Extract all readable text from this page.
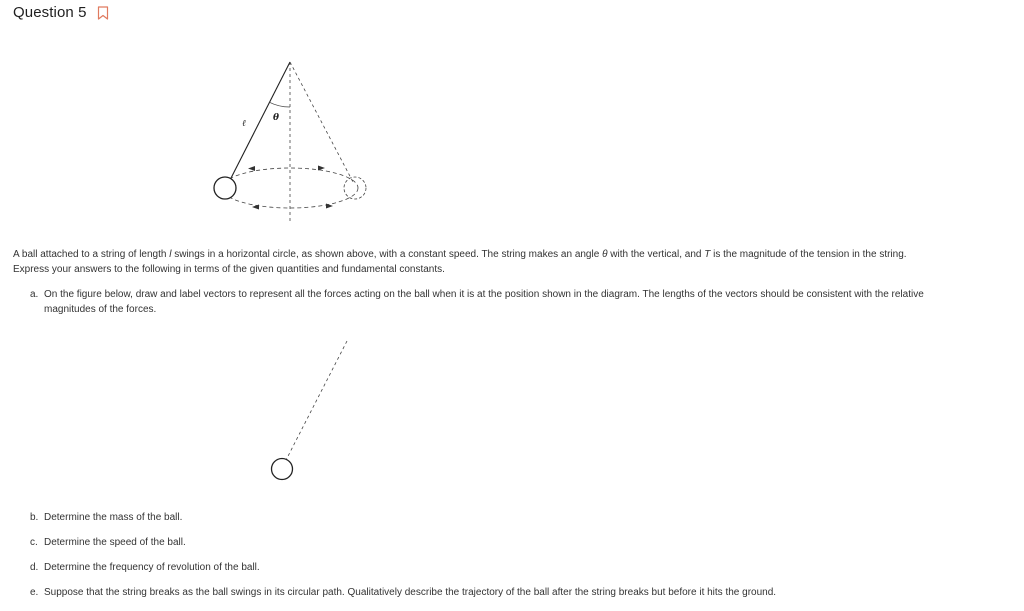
Question 5
ℓ
θ
A ball attached to a string of length l swings in a horizontal circle, as shown above, with a constant speed. The string makes an angle θ with the vertical, and T is the magnitude of the tension in the string.
Express your answers to the following in terms of the given quantities and fundamental constants.
a. On the figure below, draw and label vectors to represent all the forces acting on the ball when it is at the position shown in the diagram. The lengths of the vectors should be consistent with the relative
magnitudes of the forces.
b. Determine the mass of the ball.
c. Determine the speed of the ball.
d. Determine the frequency of revolution of the ball.
e. Suppose that the string breaks as the ball swings in its circular path. Qualitatively describe the trajectory of the ball after the string breaks but before it hits the ground.
